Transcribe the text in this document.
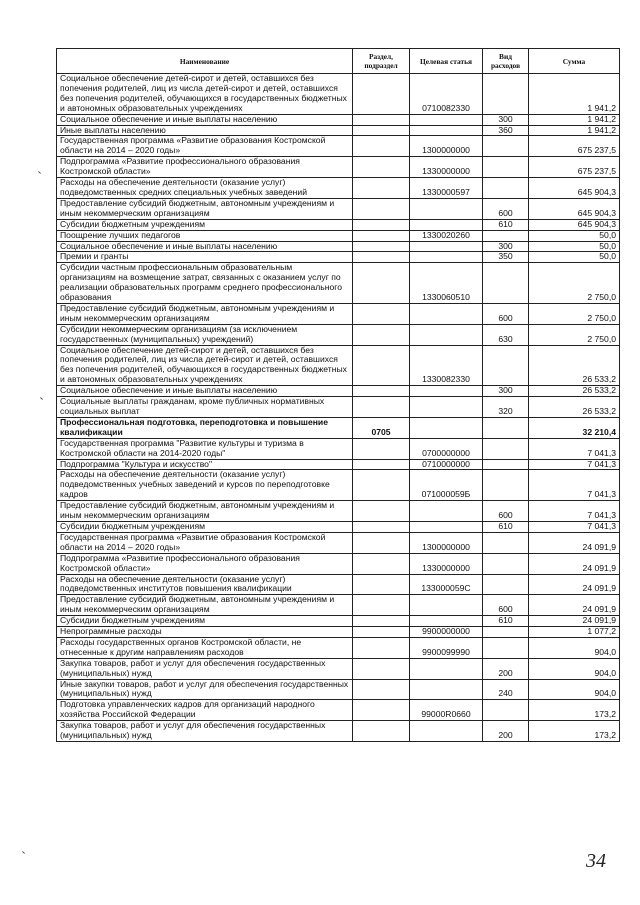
Наименование	Раздел, подраздел	Целевая статья	Вид расходов	Сумма
Социальное обеспечение детей-сирот и детей, оставшихся без попечения родителей, лиц из числа детей-сирот и детей, оставшихся без попечения родителей, обучающихся в государственных бюджетных и автономных образовательных учреждениях		0710082330		1 941,2
Социальное обеспечение и иные выплаты населению			300	1 941,2
Иные выплаты населению			360	1 941,2
Государственная программа «Развитие образования Костромской области на 2014 – 2020 годы»		1300000000		675 237,5
Подпрограмма «Развитие профессионального образования Костромской области»		1330000000		675 237,5
Расходы на обеспечение деятельности (оказание услуг) подведомственных средних специальных учебных заведений		1330000597		645 904,3
Предоставление субсидий бюджетным, автономным учреждениям и иным некоммерческим организациям			600	645 904,3
Субсидии бюджетным учреждениям			610	645 904,3
Поощрение лучших педагогов		1330020260		50,0
Социальное обеспечение и иные выплаты населению			300	50,0
Премии и гранты			350	50,0
Субсидии частным профессиональным образовательным организациям на возмещение затрат, связанных с оказанием услуг по реализации образовательных программ среднего профессионального образования		1330060510		2 750,0
Предоставление субсидий бюджетным, автономным учреждениям и иным некоммерческим организациям			600	2 750,0
Субсидии некоммерческим организациям (за исключением государственных (муниципальных) учреждений)			630	2 750,0
Социальное обеспечение детей-сирот и детей, оставшихся без попечения родителей, лиц из числа детей-сирот и детей, оставшихся без попечения родителей, обучающихся в государственных бюджетных и автономных образовательных учреждениях		1330082330		26 533,2
Социальное обеспечение и иные выплаты населению			300	26 533,2
Социальные выплаты гражданам, кроме публичных нормативных социальных выплат			320	26 533,2
Профессиональная подготовка, переподготовка и повышение квалификации	0705			32 210,4
Государственная программа "Развитие культуры и туризма в Костромской области на 2014-2020 годы"		0700000000		7 041,3
Подпрограмма "Культура и искусство"		0710000000		7 041,3
Расходы на обеспечение деятельности (оказание услуг) подведомственных учебных заведений и курсов по переподготовке кадров		071000059Б		7 041,3
Предоставление субсидий бюджетным, автономным учреждениям и иным некоммерческим организациям			600	7 041,3
Субсидии бюджетным учреждениям			610	7 041,3
Государственная программа «Развитие образования Костромской области на 2014 – 2020 годы»		1300000000		24 091,9
Подпрограмма «Развитие профессионального образования Костромской области»		1330000000		24 091,9
Расходы на обеспечение деятельности (оказание услуг) подведомственных институтов повышения квалификации		133000059С		24 091,9
Предоставление субсидий бюджетным, автономным учреждениям и иным некоммерческим организациям			600	24 091,9
Субсидии бюджетным учреждениям			610	24 091,9
Непрограммные расходы		9900000000		1 077,2
Расходы государственных органов Костромской области, не отнесенные к другим направлениям расходов		9900099990		904,0
Закупка товаров, работ и услуг для обеспечения государственных (муниципальных) нужд			200	904,0
Иные закупки товаров, работ и услуг для обеспечения государственных (муниципальных) нужд			240	904,0
Подготовка управленческих кадров для организаций народного хозяйства Российской Федерации		99000R0660		173,2
Закупка товаров, работ и услуг для обеспечения государственных (муниципальных) нужд			200	173,2
34
